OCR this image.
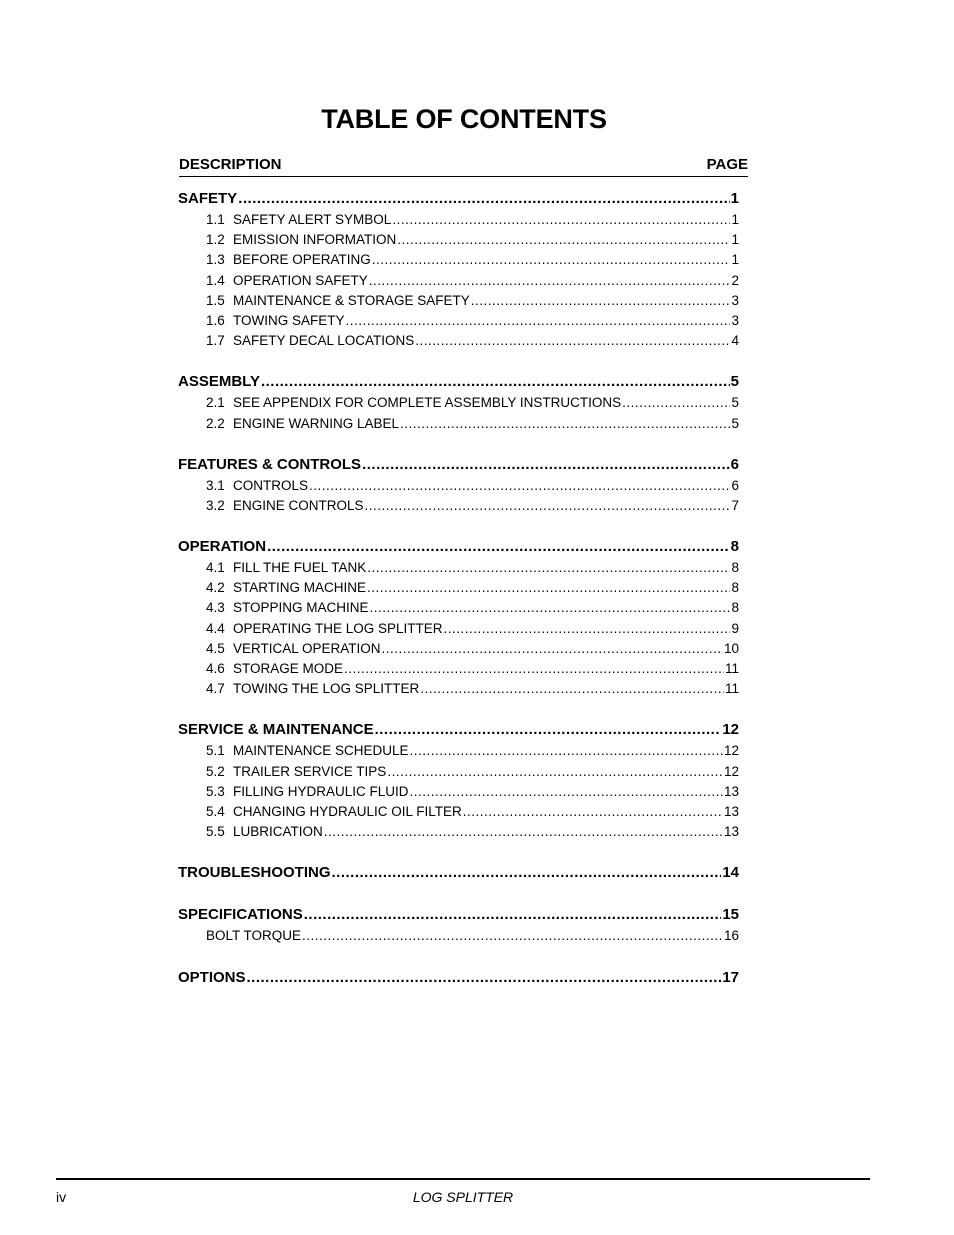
TABLE OF CONTENTS
DESCRIPTION	PAGE
SAFETY .....	1
1.1 SAFETY ALERT SYMBOL .....	1
1.2 EMISSION INFORMATION .....	1
1.3 BEFORE OPERATING .....	1
1.4 OPERATION SAFETY .....	2
1.5 MAINTENANCE & STORAGE SAFETY .....	3
1.6 TOWING SAFETY .....	3
1.7 SAFETY DECAL LOCATIONS .....	4
ASSEMBLY .....	5
2.1 SEE APPENDIX FOR COMPLETE ASSEMBLY INSTRUCTIONS .....	5
2.2 ENGINE WARNING LABEL .....	5
FEATURES & CONTROLS .....	6
3.1 CONTROLS .....	6
3.2 ENGINE CONTROLS .....	7
OPERATION .....	8
4.1 FILL THE FUEL TANK .....	8
4.2 STARTING MACHINE .....	8
4.3 STOPPING MACHINE .....	8
4.4 OPERATING THE LOG SPLITTER .....	9
4.5 VERTICAL OPERATION .....	10
4.6 STORAGE MODE .....	11
4.7 TOWING THE LOG SPLITTER .....	11
SERVICE & MAINTENANCE .....	12
5.1 MAINTENANCE SCHEDULE .....	12
5.2 TRAILER SERVICE TIPS .....	12
5.3 FILLING HYDRAULIC FLUID .....	13
5.4 CHANGING HYDRAULIC OIL FILTER .....	13
5.5 LUBRICATION .....	13
TROUBLESHOOTING .....	14
SPECIFICATIONS .....	15
BOLT TORQUE .....	16
OPTIONS .....	17
iv	LOG SPLITTER
